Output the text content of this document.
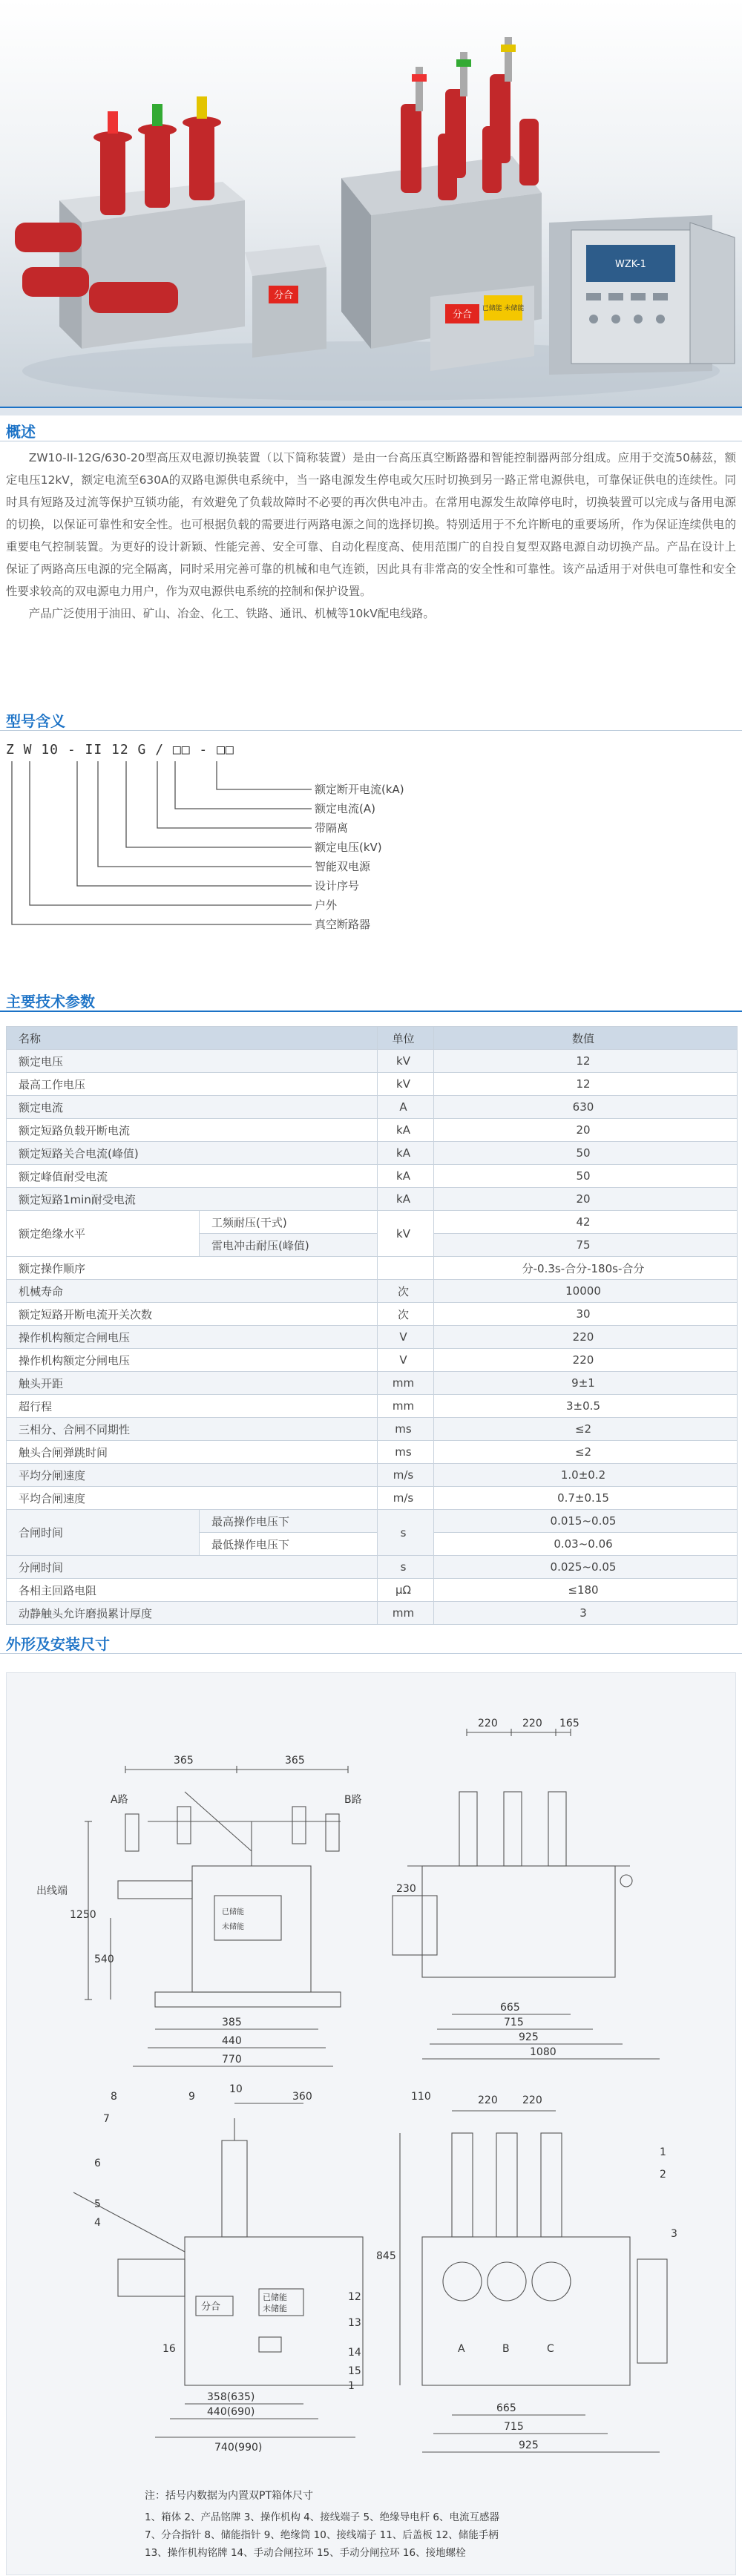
分合
分合
已储能 未储能
WZK-1
概述

ZW10-II-12G/630-20型高压双电源切换装置（以下简称装置）是由一台高压真空断路器和智能控制器两部分组成。应用于交流50赫兹，额定电压12kV，额定电流至630A的双路电源供电系统中，当一路电源发生停电或欠压时切换到另一路正常电源供电，可靠保证供电的连续性。同时具有短路及过流等保护互锁功能，有效避免了负载故障时不必要的再次供电冲击。在常用电源发生故障停电时，切换装置可以完成与备用电源的切换，以保证可靠性和安全性。也可根据负载的需要进行两路电源之间的选择切换。特别适用于不允许断电的重要场所，作为保证连续供电的重要电气控制装置。为更好的设计新颖、性能完善、安全可靠、自动化程度高、使用范围广的自投自复型双路电源自动切换产品。产品在设计上保证了两路高压电源的完全隔离，同时采用完善可靠的机械和电气连锁，因此具有非常高的安全性和可靠性。该产品适用于对供电可靠性和安全性要求较高的双电源电力用户，作为双电源供电系统的控制和保护设置。

产品广泛使用于油田、矿山、冶金、化工、铁路、通讯、机械等10kV配电线路。

型号含义
Z W 10 - II 12 G / □□ - □□
额定断开电流(kA)
额定电流(A)
带隔离
额定电压(kV)
智能双电源
设计序号
户外
真空断路器
主要技术参数
名称		单位	数值
额定电压		kV	12
最高工作电压		kV	12
额定电流		A	630
额定短路负载开断电流		kA	20
额定短路关合电流(峰值)		kA	50
额定峰值耐受电流		kA	50
额定短路1min耐受电流		kA	20
额定绝缘水平	工频耐压(干式)	kV	42
	雷电冲击耐压(峰值)		75
额定操作顺序			分-0.3s-合分-180s-合分
机械寿命		次	10000
额定短路开断电流开关次数		次	30
操作机构额定合闸电压		V	220
操作机构额定分闸电压		V	220
触头开距		mm	9±1
超行程		mm	3±0.5
三相分、合闸不同期性		ms	≤2
触头合闸弹跳时间		ms	≤2
平均分闸速度		m/s	1.0±0.2
平均合闸速度		m/s	0.7±0.15
合闸时间	最高操作电压下	s	0.015~0.05
	最低操作电压下		0.03~0.06
分闸时间		s	0.025~0.05
各相主回路电阻		μΩ	≤180
动静触头允许磨损累计厚度		mm	3
外形及安装尺寸
365	365
A路	B路
出线端
1250
540
385
440
770
已储能
未储能
220 220 165
230
665
715
925
1080
8	9
10
360
7
6
5
4
16
12
13
14
15
1
358(635)
440(690)
740(990)
分合
已储能
未储能
110	220 220
1
2
3
845
665
715
925
A	B	C
注：括号内数据为内置双PT箱体尺寸
1、箱体 2、产品铭牌 3、操作机构 4、接线端子 5、绝缘导电杆 6、电流互感器
7、分合指针 8、储能指针 9、绝缘筒 10、接线端子 11、后盖板 12、储能手柄
13、操作机构铭牌 14、手动合闸拉环 15、手动分闸拉环 16、接地螺栓
